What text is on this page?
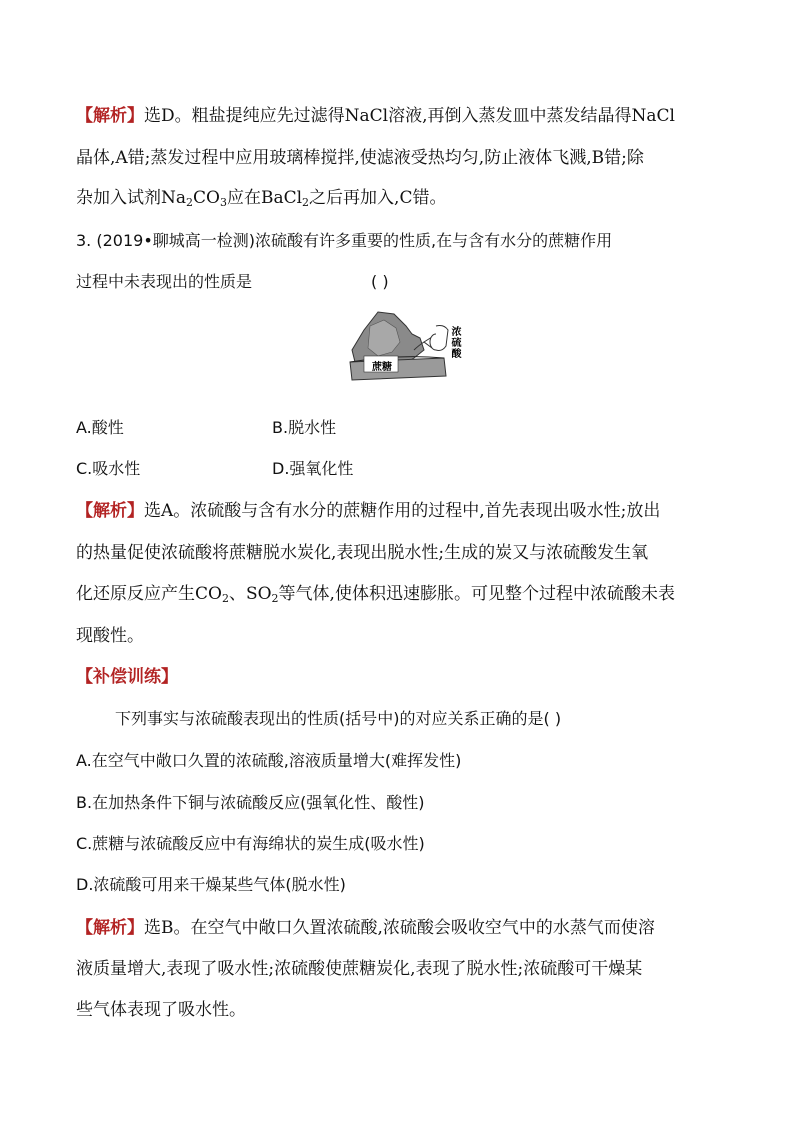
【解析】选D。粗盐提纯应先过滤得NaCl溶液,再倒入蒸发皿中蒸发结晶得NaCl
晶体,A错;蒸发过程中应用玻璃棒搅拌,使滤液受热均匀,防止液体飞溅,B错;除
杂加入试剂$Na_2CO_3$应在BaCl$_2$之后再加入,C错。
3. (2019•聊城高一检测)浓硫酸有许多重要的性质,在与含有水分的蔗糖作用
过程中未表现出的性质是	( )
蔗糖
浓硫酸
A.酸性	B.脱水性
C.吸水性	D.强氧化性
【解析】选A。浓硫酸与含有水分的蔗糖作用的过程中,首先表现出吸水性;放出
的热量促使浓硫酸将蔗糖脱水炭化,表现出脱水性;生成的炭又与浓硫酸发生氧
化还原反应产生$CO_2$、$SO_2$等气体,使体积迅速膨胀。可见整个过程中浓硫酸未表
现酸性。
【补偿训练】
下列事实与浓硫酸表现出的性质(括号中)的对应关系正确的是( )
A.在空气中敞口久置的浓硫酸,溶液质量增大(难挥发性)
B.在加热条件下铜与浓硫酸反应(强氧化性、酸性)
C.蔗糖与浓硫酸反应中有海绵状的炭生成(吸水性)
D.浓硫酸可用来干燥某些气体(脱水性)
【解析】选B。在空气中敞口久置浓硫酸,浓硫酸会吸收空气中的水蒸气而使溶
液质量增大,表现了吸水性;浓硫酸使蔗糖炭化,表现了脱水性;浓硫酸可干燥某
些气体表现了吸水性。
